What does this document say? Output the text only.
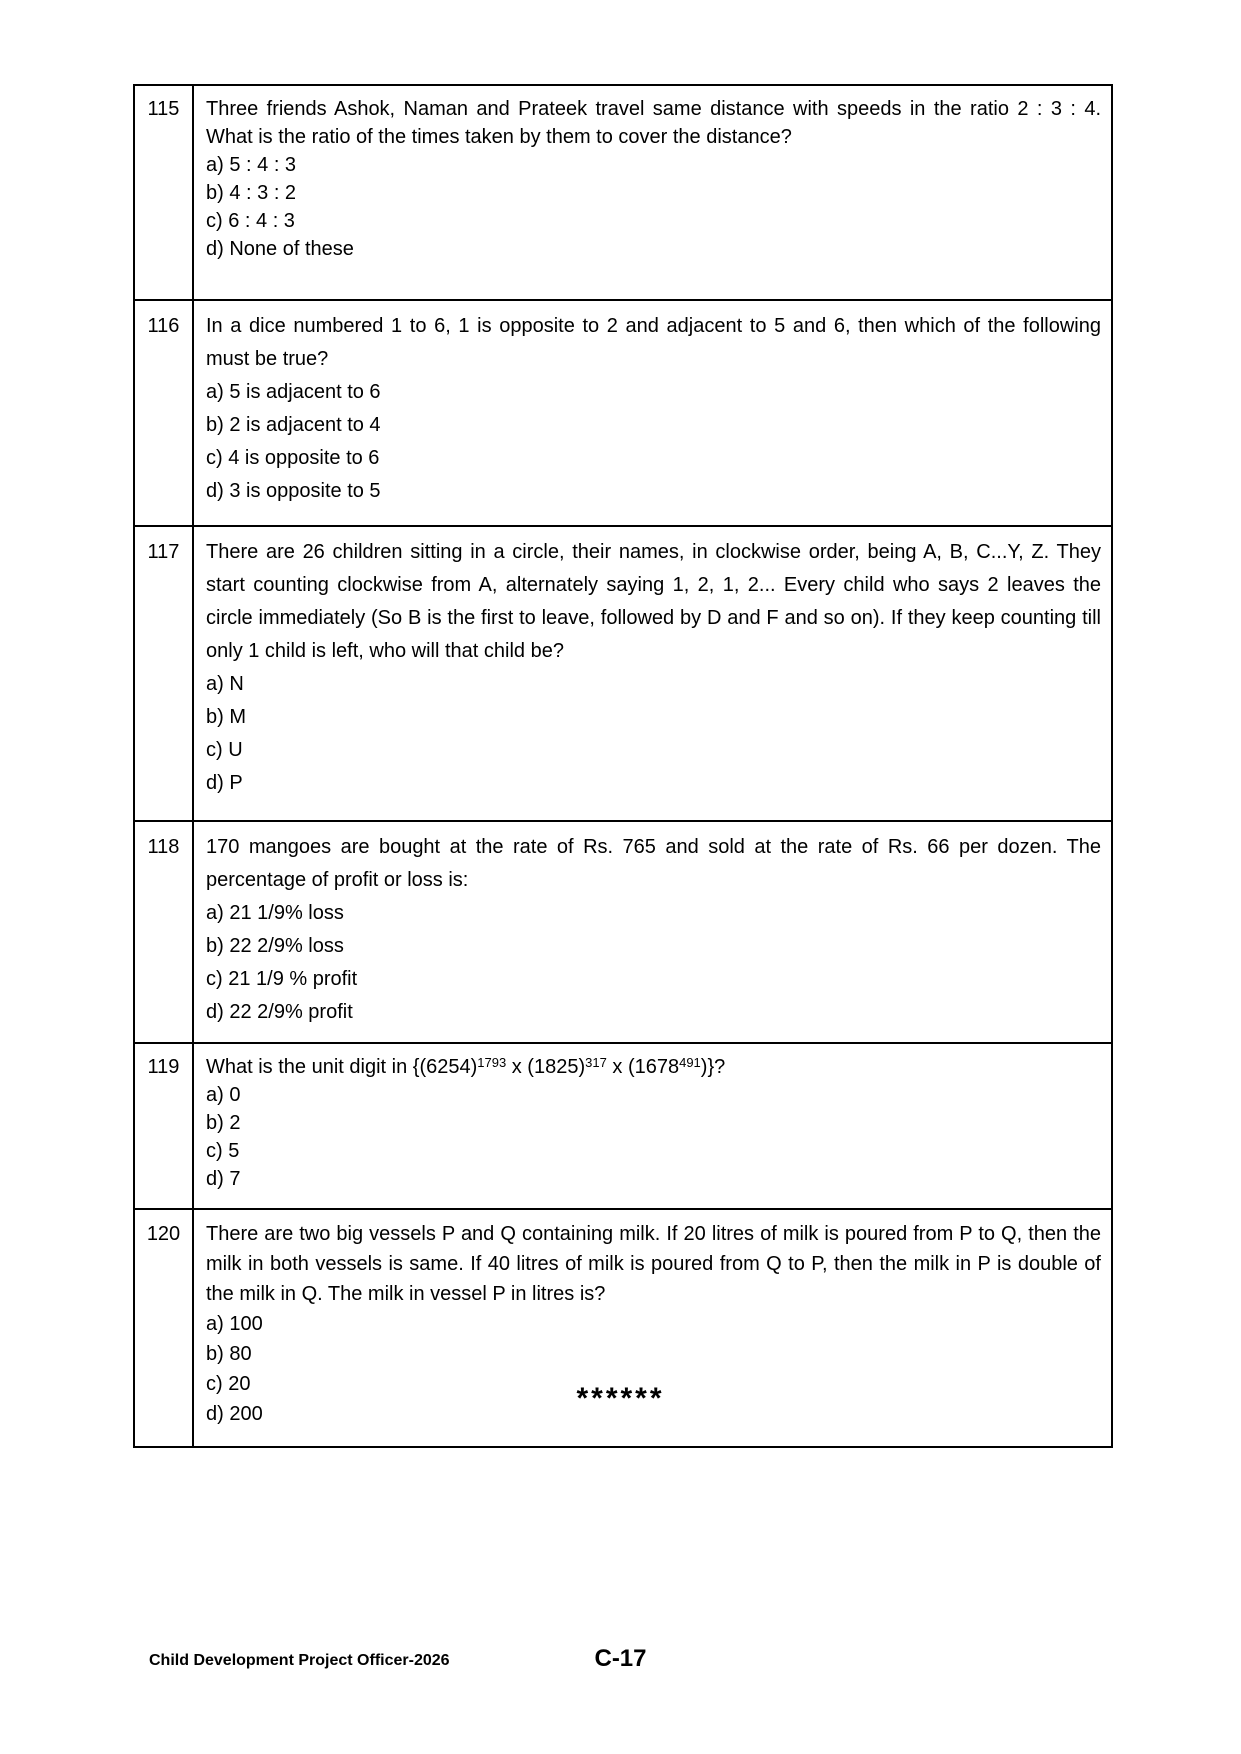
115	Three friends Ashok, Naman and Prateek travel same distance with speeds in the ratio 2 : 3 : 4. What is the ratio of the times taken by them to cover the distance?
a) 5 : 4 : 3
b) 4 : 3 : 2
c) 6 : 4 : 3
d) None of these

116	In a dice numbered 1 to 6, 1 is opposite to 2 and adjacent to 5 and 6, then which of the following must be true?
a) 5 is adjacent to 6
b) 2 is adjacent to 4
c) 4 is opposite to 6
d) 3 is opposite to 5

117	There are 26 children sitting in a circle, their names, in clockwise order, being A, B, C...Y, Z. They start counting clockwise from A, alternately saying 1, 2, 1, 2... Every child who says 2 leaves the circle immediately (So B is the first to leave, followed by D and F and so on). If they keep counting till only 1 child is left, who will that child be?
a) N
b) M
c) U
d) P

118	170 mangoes are bought at the rate of Rs. 765 and sold at the rate of Rs. 66 per dozen. The percentage of profit or loss is:
a) 21 1/9% loss
b) 22 2/9% loss
c) 21 1/9 % profit
d) 22 2/9% profit

119	What is the unit digit in {$(6254)^{1793}$ x $(1825)^{317}$ x (1678$^{491}$)}?
a) 0
b) 2
c) 5
d) 7

120	There are two big vessels P and Q containing milk. If 20 litres of milk is poured from P to Q, then the milk in both vessels is same. If 40 litres of milk is poured from Q to P, then the milk in P is double of the milk in Q. The milk in vessel P in litres is?
a) 100
b) 80
c) 20
d) 200	******
Child Development Project Officer-2026	C-17
